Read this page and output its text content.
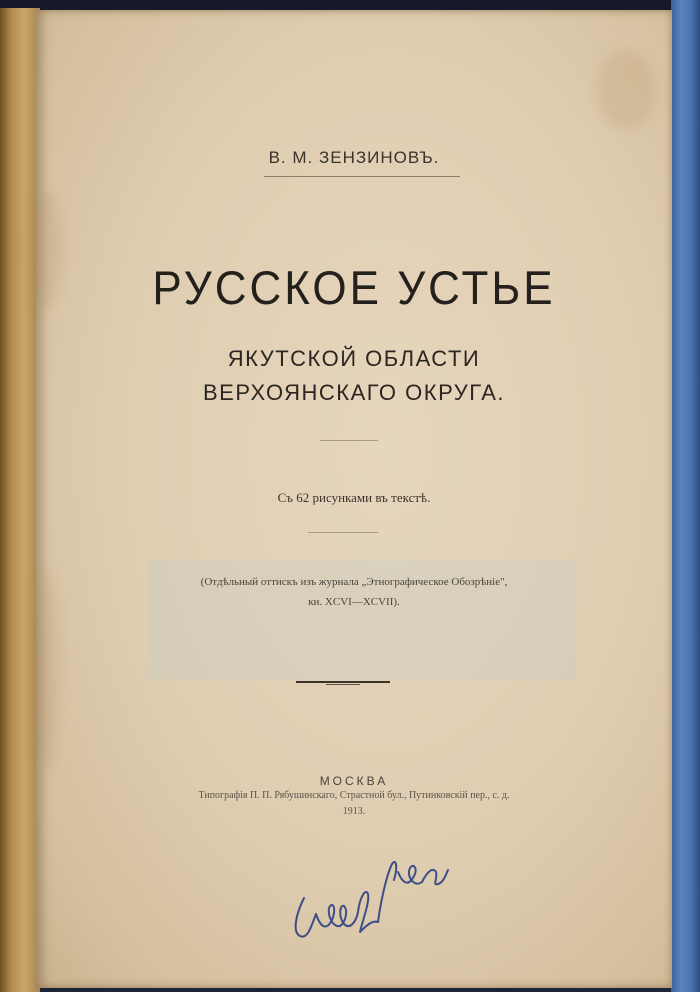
В. М. ЗЕНЗИНОВЪ.
РУССКОЕ УСТЬЕ
ЯКУТСКОЙ ОБЛАСТИ
ВЕРХОЯНСКАГО ОКРУГА.
Съ 62 рисунками въ текстѣ.
(Отдѣльный оттискъ изъ журнала „Этнографическое Обозрѣніе",
кн. XCVI—XCVII).
МОСКВА
Типографія П. П. Рябушинскаго, Страстной бул., Путинковскій пер., с. д.
1913.
